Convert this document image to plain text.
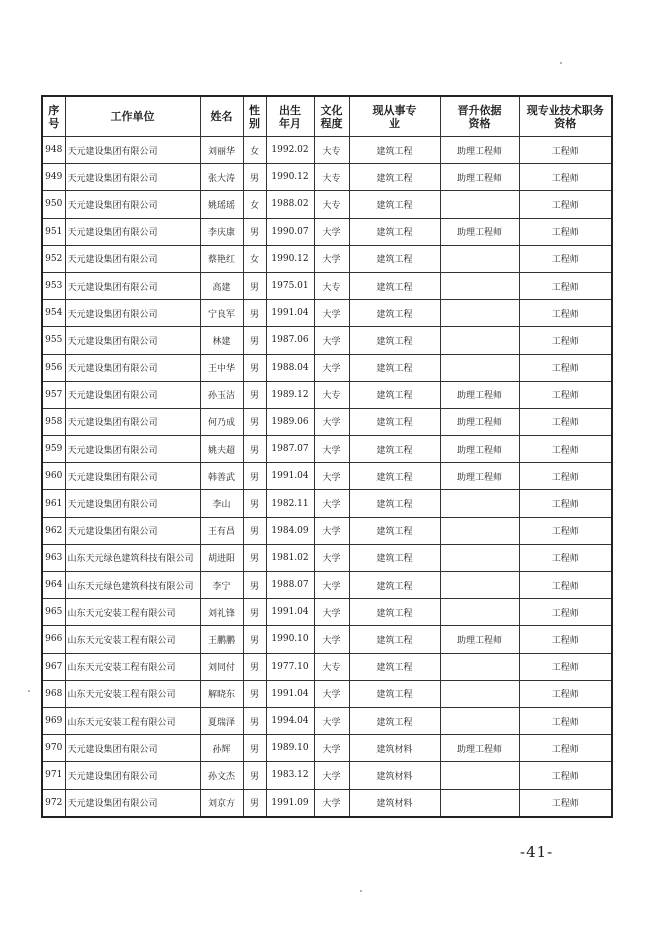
序号	工作单位	姓名	性别	出生年月	文化程度	现从事专业	晋升依据资格	现专业技术职务资格
948	天元建设集团有限公司	刘丽华	女	1992.02	大专	建筑工程	助理工程师	工程师
949	天元建设集团有限公司	张大涛	男	1990.12	大专	建筑工程	助理工程师	工程师
950	天元建设集团有限公司	姚瑶瑶	女	1988.02	大专	建筑工程		工程师
951	天元建设集团有限公司	李庆康	男	1990.07	大学	建筑工程	助理工程师	工程师
952	天元建设集团有限公司	蔡艳红	女	1990.12	大学	建筑工程		工程师
953	天元建设集团有限公司	高建	男	1975.01	大专	建筑工程		工程师
954	天元建设集团有限公司	宁良军	男	1991.04	大学	建筑工程		工程师
955	天元建设集团有限公司	林建	男	1987.06	大学	建筑工程		工程师
956	天元建设集团有限公司	王中华	男	1988.04	大学	建筑工程		工程师
957	天元建设集团有限公司	孙玉洁	男	1989.12	大专	建筑工程	助理工程师	工程师
958	天元建设集团有限公司	何乃成	男	1989.06	大学	建筑工程	助理工程师	工程师
959	天元建设集团有限公司	姚夫超	男	1987.07	大学	建筑工程	助理工程师	工程师
960	天元建设集团有限公司	韩善武	男	1991.04	大学	建筑工程	助理工程师	工程师
961	天元建设集团有限公司	李山	男	1982.11	大学	建筑工程		工程师
962	天元建设集团有限公司	王有昌	男	1984.09	大学	建筑工程		工程师
963	山东天元绿色建筑科技有限公司	胡进阳	男	1981.02	大学	建筑工程		工程师
964	山东天元绿色建筑科技有限公司	李宁	男	1988.07	大学	建筑工程		工程师
965	山东天元安装工程有限公司	刘礼锋	男	1991.04	大学	建筑工程		工程师
966	山东天元安装工程有限公司	王鹏鹏	男	1990.10	大学	建筑工程	助理工程师	工程师
967	山东天元安装工程有限公司	刘同付	男	1977.10	大专	建筑工程		工程师
968	山东天元安装工程有限公司	解晓东	男	1991.04	大学	建筑工程		工程师
969	山东天元安装工程有限公司	夏瑞泽	男	1994.04	大学	建筑工程		工程师
970	天元建设集团有限公司	孙辉	男	1989.10	大学	建筑材料	助理工程师	工程师
971	天元建设集团有限公司	孙文杰	男	1983.12	大学	建筑材料		工程师
972	天元建设集团有限公司	刘京方	男	1991.09	大学	建筑材料		工程师
-41-
